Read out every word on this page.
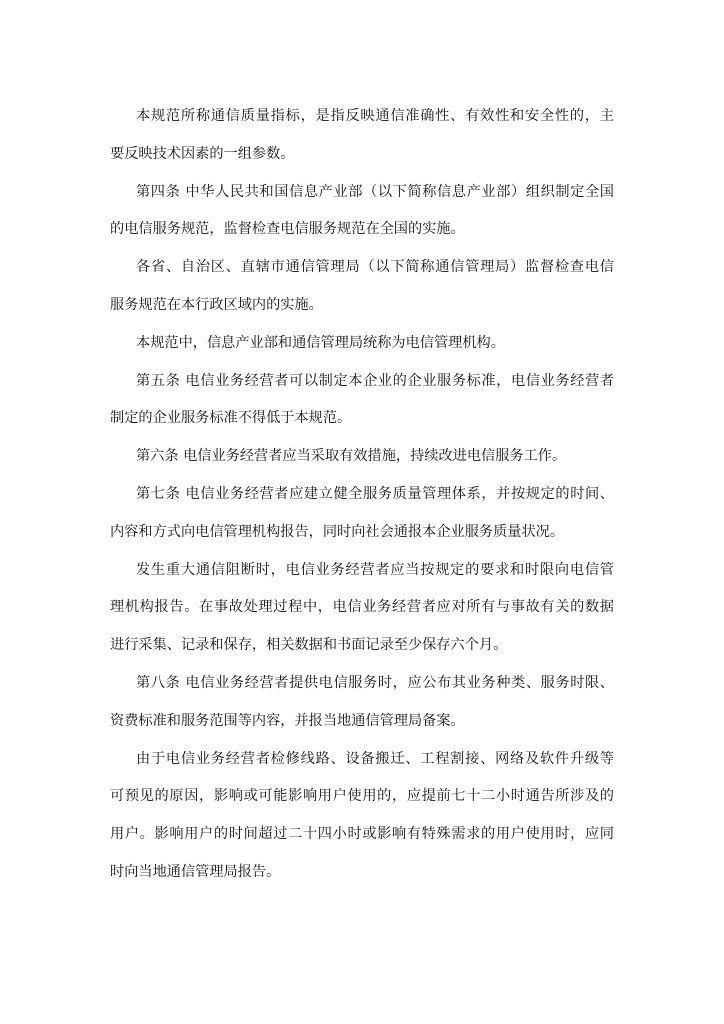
本规范所称通信质量指标，是指反映通信准确性、有效性和安全性的，主
要反映技术因素的一组参数。
第四条 中华人民共和国信息产业部（以下简称信息产业部）组织制定全国
的电信服务规范，监督检查电信服务规范在全国的实施。
各省、自治区、直辖市通信管理局（以下简称通信管理局）监督检查电信
服务规范在本行政区域内的实施。
本规范中，信息产业部和通信管理局统称为电信管理机构。
第五条 电信业务经营者可以制定本企业的企业服务标准，电信业务经营者
制定的企业服务标准不得低于本规范。
第六条 电信业务经营者应当采取有效措施，持续改进电信服务工作。
第七条 电信业务经营者应建立健全服务质量管理体系，并按规定的时间、
内容和方式向电信管理机构报告，同时向社会通报本企业服务质量状况。
发生重大通信阻断时，电信业务经营者应当按规定的要求和时限向电信管
理机构报告。在事故处理过程中，电信业务经营者应对所有与事故有关的数据
进行采集、记录和保存，相关数据和书面记录至少保存六个月。
第八条 电信业务经营者提供电信服务时，应公布其业务种类、服务时限、
资费标准和服务范围等内容，并报当地通信管理局备案。
由于电信业务经营者检修线路、设备搬迁、工程割接、网络及软件升级等
可预见的原因，影响或可能影响用户使用的，应提前七十二小时通告所涉及的
用户。影响用户的时间超过二十四小时或影响有特殊需求的用户使用时，应同
时向当地通信管理局报告。
